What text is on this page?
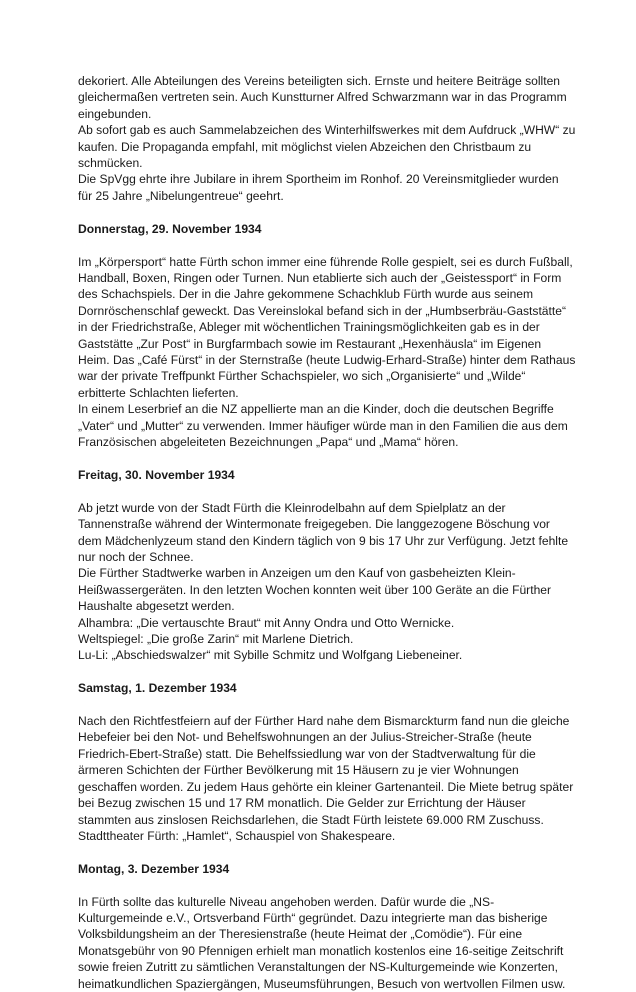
dekoriert. Alle Abteilungen des Vereins beteiligten sich. Ernste und heitere Beiträge sollten
gleichermaßen vertreten sein. Auch Kunstturner Alfred Schwarzmann war in das Programm
eingebunden.
Ab sofort gab es auch Sammelabzeichen des Winterhilfswerkes mit dem Aufdruck „WHW“ zu
kaufen. Die Propaganda empfahl, mit möglichst vielen Abzeichen den Christbaum zu
schmücken.
Die SpVgg ehrte ihre Jubilare in ihrem Sportheim im Ronhof. 20 Vereinsmitglieder wurden
für 25 Jahre „Nibelungentreue“ geehrt.
Donnerstag, 29. November 1934
Im „Körpersport“ hatte Fürth schon immer eine führende Rolle gespielt, sei es durch Fußball,
Handball, Boxen, Ringen oder Turnen. Nun etablierte sich auch der „Geistessport“ in Form
des Schachspiels. Der in die Jahre gekommene Schachklub Fürth wurde aus seinem
Dornröschenschlaf geweckt. Das Vereinslokal befand sich in der „Humbserbräu-Gaststätte“
in der Friedrichstraße, Ableger mit wöchentlichen Trainingsmöglichkeiten gab es in der
Gaststätte „Zur Post“ in Burgfarmbach sowie im Restaurant „Hexenhäusla“ im Eigenen
Heim. Das „Café Fürst“ in der Sternstraße (heute Ludwig-Erhard-Straße) hinter dem Rathaus
war der private Treffpunkt Fürther Schachspieler, wo sich „Organisierte“ und „Wilde“
erbitterte Schlachten lieferten.
In einem Leserbrief an die NZ appellierte man an die Kinder, doch die deutschen Begriffe
„Vater“ und „Mutter“ zu verwenden. Immer häufiger würde man in den Familien die aus dem
Französischen abgeleiteten Bezeichnungen „Papa“ und „Mama“ hören.
Freitag, 30. November 1934
Ab jetzt wurde von der Stadt Fürth die Kleinrodelbahn auf dem Spielplatz an der
Tannenstraße während der Wintermonate freigegeben. Die langgezogene Böschung vor
dem Mädchenlyzeum stand den Kindern täglich von 9 bis 17 Uhr zur Verfügung. Jetzt fehlte
nur noch der Schnee.
Die Fürther Stadtwerke warben in Anzeigen um den Kauf von gasbeheizten Klein-
Heißwassergeräten. In den letzten Wochen konnten weit über 100 Geräte an die Fürther
Haushalte abgesetzt werden.
Alhambra: „Die vertauschte Braut“ mit Anny Ondra und Otto Wernicke.
Weltspiegel: „Die große Zarin“ mit Marlene Dietrich.
Lu-Li: „Abschiedswalzer“ mit Sybille Schmitz und Wolfgang Liebeneiner.
Samstag, 1. Dezember 1934
Nach den Richtfestfeiern auf der Fürther Hard nahe dem Bismarckturm fand nun die gleiche
Hebefeier bei den Not- und Behelfswohnungen an der Julius-Streicher-Straße (heute
Friedrich-Ebert-Straße) statt. Die Behelfssiedlung war von der Stadtverwaltung für die
ärmeren Schichten der Fürther Bevölkerung mit 15 Häusern zu je vier Wohnungen
geschaffen worden. Zu jedem Haus gehörte ein kleiner Gartenanteil. Die Miete betrug später
bei Bezug zwischen 15 und 17 RM monatlich. Die Gelder zur Errichtung der Häuser
stammten aus zinslosen Reichsdarlehen, die Stadt Fürth leistete 69.000 RM Zuschuss.
Stadttheater Fürth: „Hamlet“, Schauspiel von Shakespeare.
Montag, 3. Dezember 1934
In Fürth sollte das kulturelle Niveau angehoben werden. Dafür wurde die „NS-
Kulturgemeinde e.V., Ortsverband Fürth“ gegründet. Dazu integrierte man das bisherige
Volksbildungsheim an der Theresienstraße (heute Heimat der „Comödie“). Für eine
Monatsgebühr von 90 Pfennigen erhielt man monatlich kostenlos eine 16-seitige Zeitschrift
sowie freien Zutritt zu sämtlichen Veranstaltungen der NS-Kulturgemeinde wie Konzerten,
heimatkundlichen Spaziergängen, Museumsführungen, Besuch von wertvollen Filmen usw.
